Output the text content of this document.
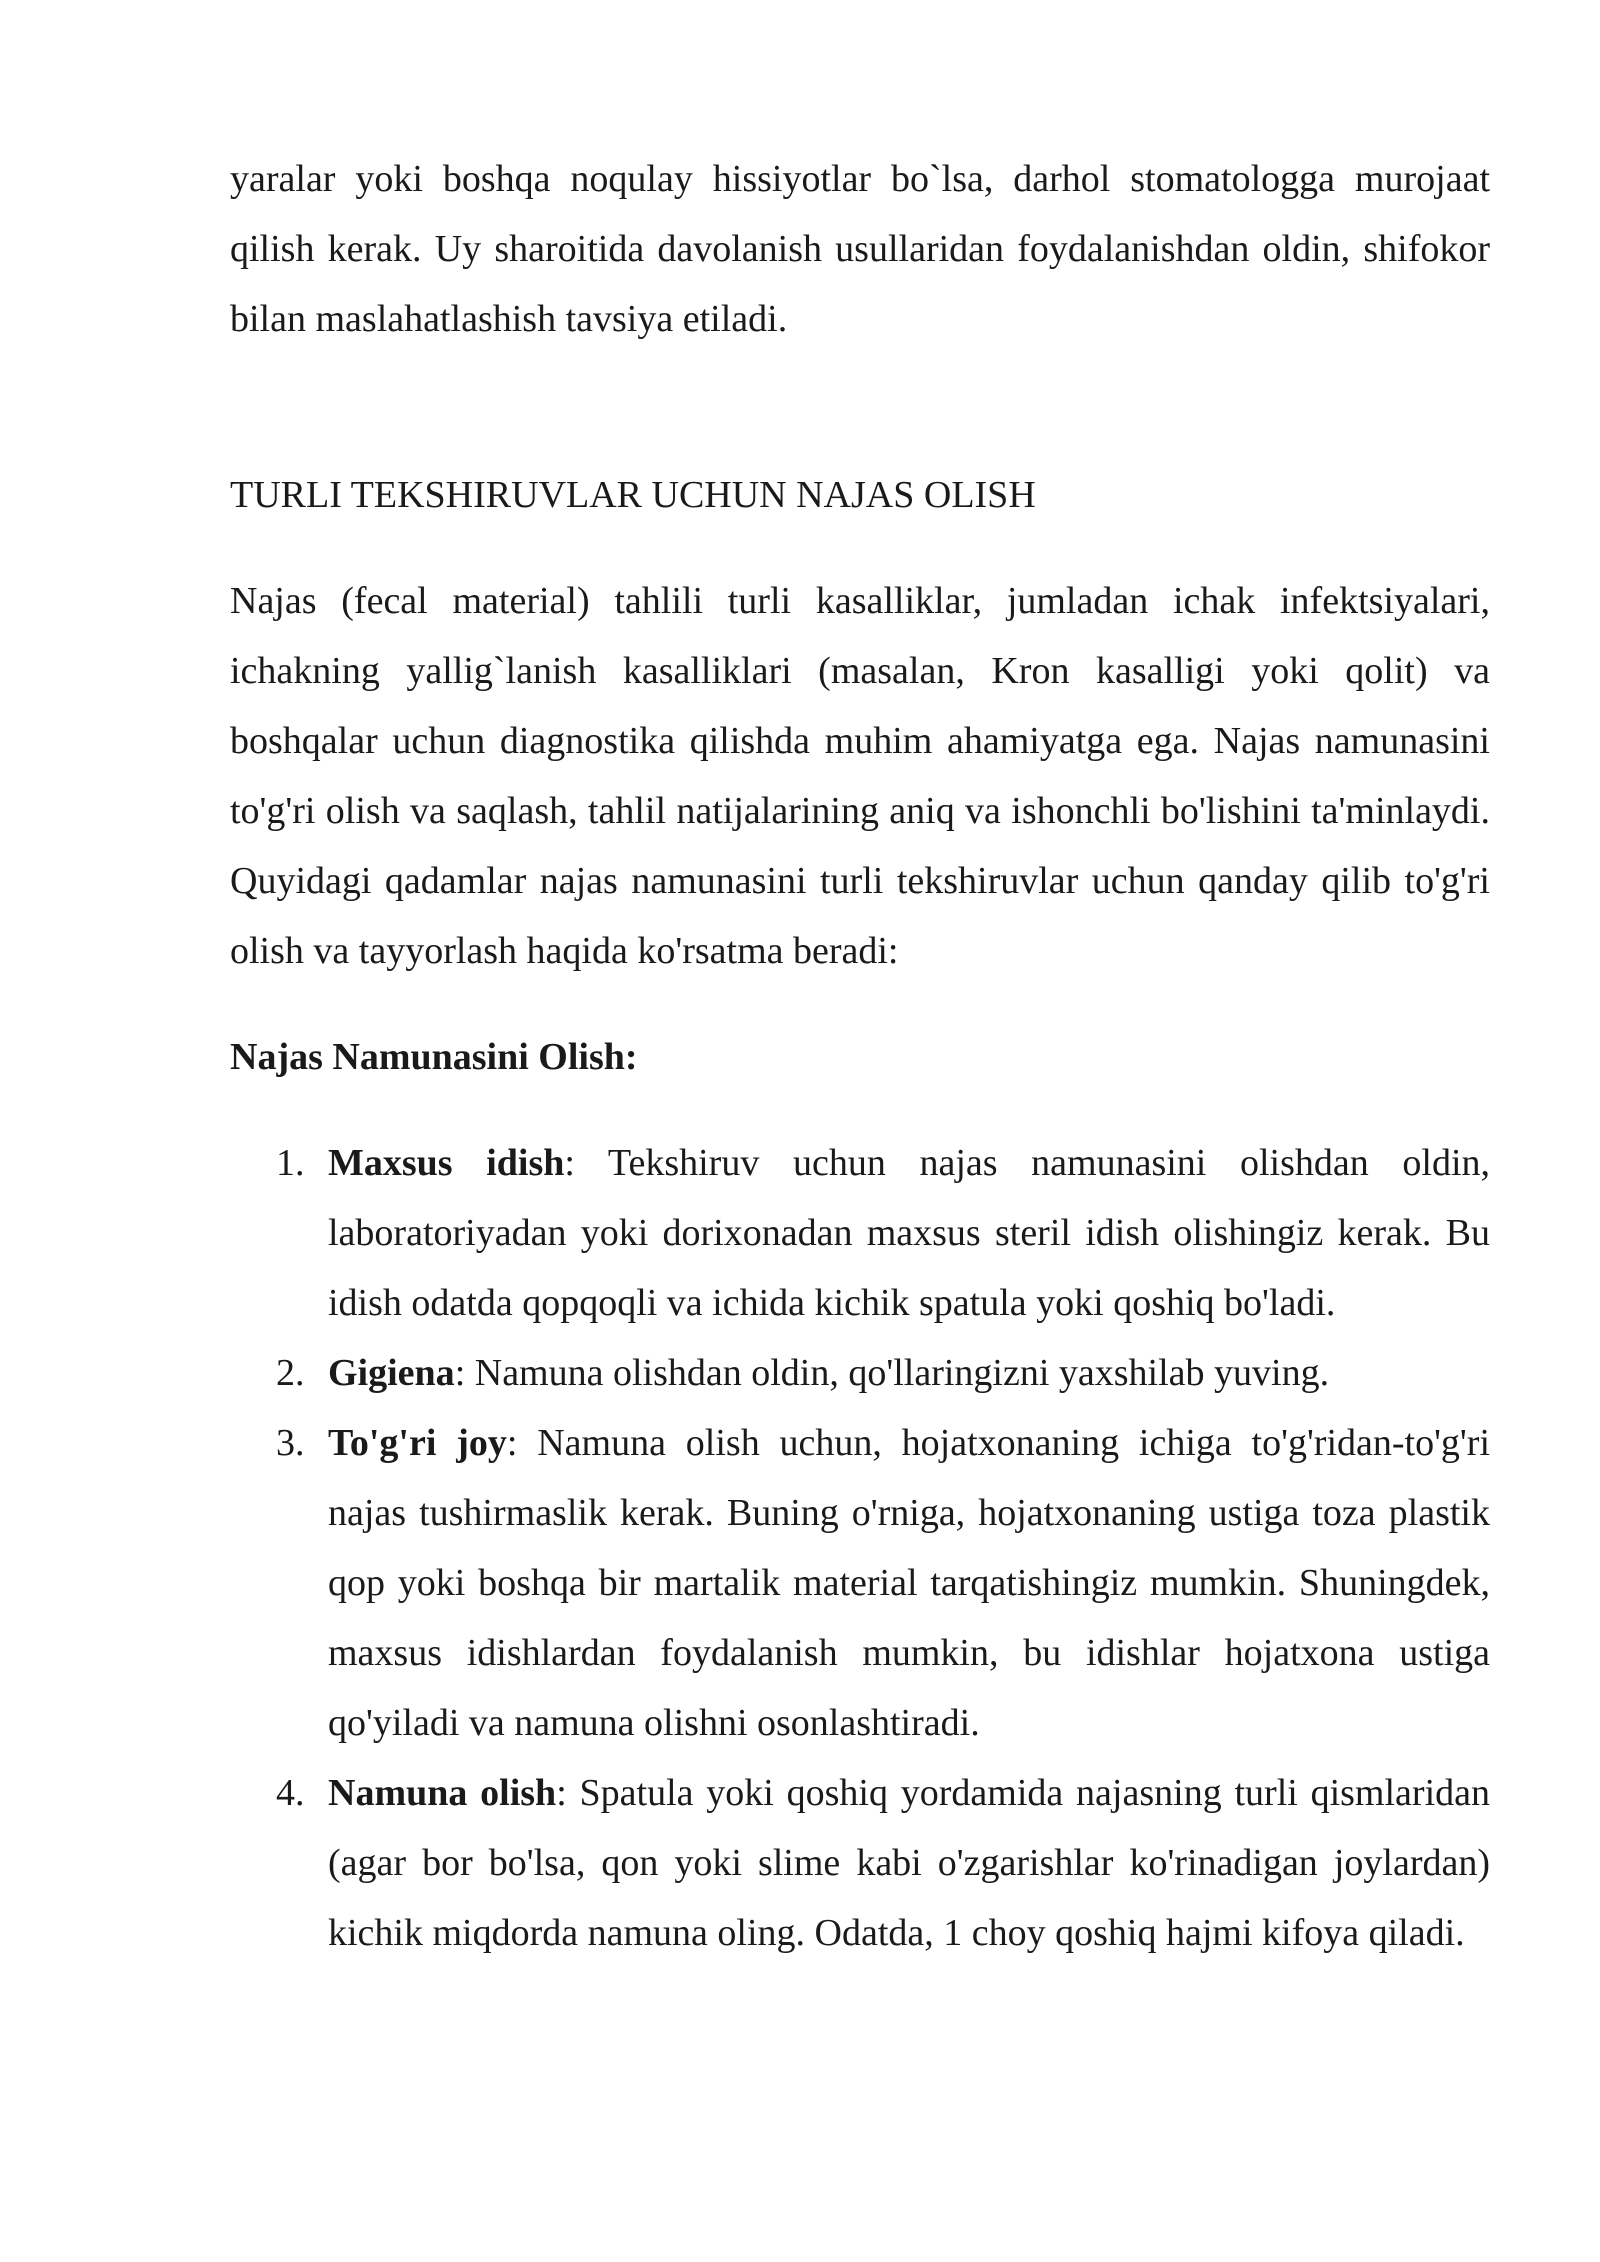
yaralar yoki boshqa noqulay hissiyotlar bo`lsa, darhol stomatologga murojaat qilish kerak. Uy sharoitida davolanish usullaridan foydalanishdan oldin, shifokor bilan maslahatlashish tavsiya etiladi.

TURLI TEKSHIRUVLAR UCHUN NAJAS OLISH

Najas (fecal material) tahlili turli kasalliklar, jumladan ichak infektsiyalari, ichakning yallig`lanish kasalliklari (masalan, Kron kasalligi yoki qolit) va boshqalar uchun diagnostika qilishda muhim ahamiyatga ega. Najas namunasini to'g'ri olish va saqlash, tahlil natijalarining aniq va ishonchli bo'lishini ta'minlaydi. Quyidagi qadamlar najas namunasini turli tekshiruvlar uchun qanday qilib to'g'ri olish va tayyorlash haqida ko'rsatma beradi:

Najas Namunasini Olish:

1. Maxsus idish: Tekshiruv uchun najas namunasini olishdan oldin, laboratoriyadan yoki dorixonadan maxsus steril idish olishingiz kerak. Bu idish odatda qopqoqli va ichida kichik spatula yoki qoshiq bo'ladi.
2. Gigiena: Namuna olishdan oldin, qo'llaringizni yaxshilab yuving.
3. To'g'ri joy: Namuna olish uchun, hojatxonaning ichiga to'g'ridan-to'g'ri najas tushirmaslik kerak. Buning o'rniga, hojatxonaning ustiga toza plastik qop yoki boshqa bir martalik material tarqatishingiz mumkin. Shuningdek, maxsus idishlardan foydalanish mumkin, bu idishlar hojatxona ustiga qo'yiladi va namuna olishni osonlashtiradi.
4. Namuna olish: Spatula yoki qoshiq yordamida najasning turli qismlaridan (agar bor bo'lsa, qon yoki slime kabi o'zgarishlar ko'rinadigan joylardan) kichik miqdorda namuna oling. Odatda, 1 choy qoshiq hajmi kifoya qiladi.
